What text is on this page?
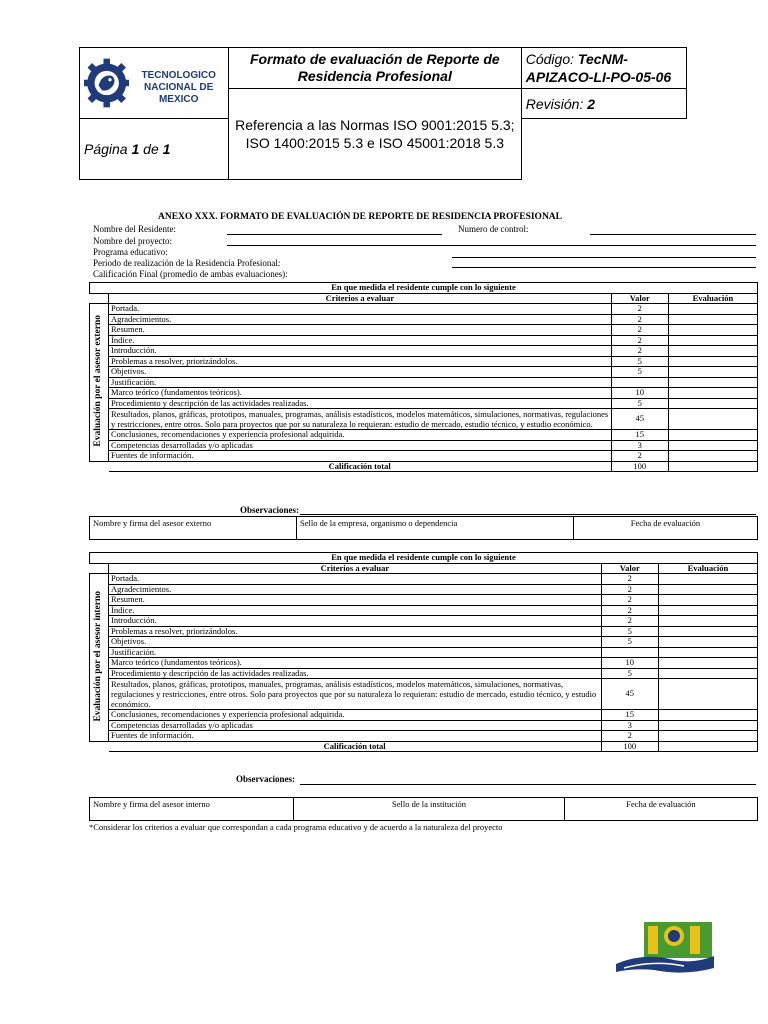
TECNOLOGICO
NACIONAL DE MEXICO	Formato de evaluación de Reporte de Residencia Profesional	Código: TecNM-APIZACO-LI-PO-05-06
	Referencia a las Normas ISO 9001:2015 5.3; ISO 1400:2015 5.3 e ISO 45001:2018 5.3	Revisión: 2
Página 1 de 1		
ANEXO XXX. FORMATO DE EVALUACIÓN DE REPORTE DE RESIDENCIA PROFESIONAL
Nombre del Residente:	Numero de control:
Nombre del proyecto:
Programa educativo:
Periodo de realización de la Residencia Profesional:
Calificación Final (promedio de ambas evaluaciones):
En que medida el residente cumple con lo siguiente			
	Criterios a evaluar	Valor	Evaluación
Evaluación por el asesor externo	Portada.	2	
	Agradecimientos.	2	
	Resumen.	2	
	Índice.	2	
	Introducción.	2	
	Problemas a resolver, priorizándolos.	5	
	Objetivos.	5	
	Justificación.		
	Marco teórico (fundamentos teóricos).	10	
	Procedimiento y descripción de las actividades realizadas.	5	
	Resultados, planos, gráficas, prototipos, manuales, programas, análisis estadísticos, modelos matemáticos, simulaciones, normativas, regulaciones y restricciones, entre otros. Solo para proyectos que por su naturaleza lo requieran: estudio de mercado, estudio técnico, y estudio económico.	45	
	Conclusiones, recomendaciones y experiencia profesional adquirida.	15	
	Competencias desarrolladas y/o aplicadas	3	
	Fuentes de información.	2	
	Calificación total	100	
Observaciones:
Nombre y firma del asesor externo	Sello de la empresa, organismo o dependencia	Fecha de evaluación
En que medida el residente cumple con lo siguiente			
	Criterios a evaluar	Valor	Evaluación
Evaluación por el asesor interno	Portada.	2	
	Agradecimientos.	2	
	Resumen.	2	
	Índice.	2	
	Introducción.	2	
	Problemas a resolver, priorizándolos.	5	
	Objetivos.	5	
	Justificación.		
	Marco teórico (fundamentos teóricos).	10	
	Procedimiento y descripción de las actividades realizadas.	5	
	Resultados, planos, gráficas, prototipos, manuales, programas, análisis estadísticos, modelos matemáticos, simulaciones, normativas, regulaciones y restricciones, entre otros. Solo para proyectos que por su naturaleza lo requieran: estudio de mercado, estudio técnico, y estudio económico.	45	
	Conclusiones, recomendaciones y experiencia profesional adquirida.	15	
	Competencias desarrolladas y/o aplicadas	3	
	Fuentes de información.	2	
	Calificación total	100	
Observaciones:
Nombre y firma del asesor interno	Sello de la institución	Fecha de evaluación
*Considerar los criterios a evaluar que correspondan a cada programa educativo y de acuerdo a la naturaleza del proyecto
